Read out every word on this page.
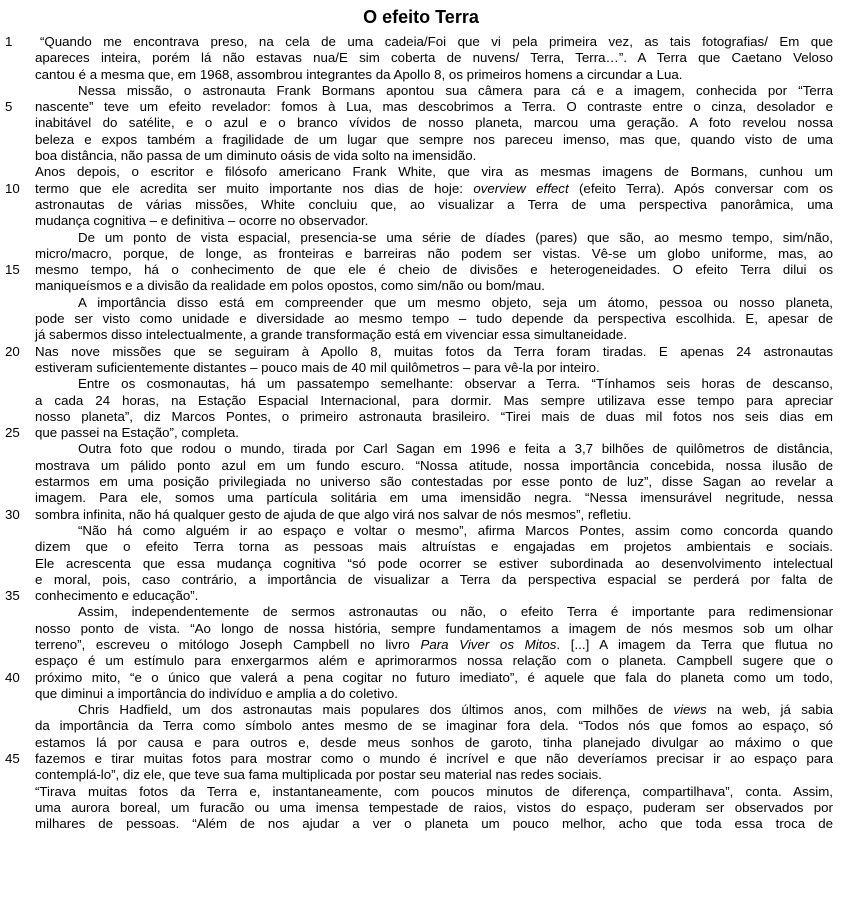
O efeito Terra
1	“Quando me encontrava preso, na cela de uma cadeia/Foi que vi pela primeira vez, as tais fotografias/ Em que
apareces inteira, porém lá não estavas nua/E sim coberta de nuvens/ Terra, Terra…”. A Terra que Caetano Veloso
cantou é a mesma que, em 1968, assombrou integrantes da Apollo 8, os primeiros homens a circundar a Lua.
Nessa missão, o astronauta Frank Bormans apontou sua câmera para cá e a imagem, conhecida por “Terra
5	nascente” teve um efeito revelador: fomos à Lua, mas descobrimos a Terra. O contraste entre o cinza, desolador e
inabitável do satélite, e o azul e o branco vívidos de nosso planeta, marcou uma geração. A foto revelou nossa
beleza e expos também a fragilidade de um lugar que sempre nos pareceu imenso, mas que, quando visto de uma
boa distância, não passa de um diminuto oásis de vida solto na imensidão.
Anos depois, o escritor e filósofo americano Frank White, que vira as mesmas imagens de Bormans, cunhou um
10	termo que ele acredita ser muito importante nos dias de hoje: overview effect (efeito Terra). Após conversar com os
astronautas de várias missões, White concluiu que, ao visualizar a Terra de uma perspectiva panorâmica, uma
mudança cognitiva – e definitiva – ocorre no observador.
De um ponto de vista espacial, presencia-se uma série de díades (pares) que são, ao mesmo tempo, sim/não,
micro/macro, porque, de longe, as fronteiras e barreiras não podem ser vistas. Vê-se um globo uniforme, mas, ao
15	mesmo tempo, há o conhecimento de que ele é cheio de divisões e heterogeneidades. O efeito Terra dilui os
maniqueísmos e a divisão da realidade em polos opostos, como sim/não ou bom/mau.
A importância disso está em compreender que um mesmo objeto, seja um átomo, pessoa ou nosso planeta,
pode ser visto como unidade e diversidade ao mesmo tempo – tudo depende da perspectiva escolhida. E, apesar de
já sabermos disso intelectualmente, a grande transformação está em vivenciar essa simultaneidade.
20	Nas nove missões que se seguiram à Apollo 8, muitas fotos da Terra foram tiradas. E apenas 24 astronautas
estiveram suficientemente distantes – pouco mais de 40 mil quilômetros – para vê-la por inteiro.
Entre os cosmonautas, há um passatempo semelhante: observar a Terra. “Tínhamos seis horas de descanso,
a cada 24 horas, na Estação Espacial Internacional, para dormir. Mas sempre utilizava esse tempo para apreciar
nosso planeta”, diz Marcos Pontes, o primeiro astronauta brasileiro. “Tirei mais de duas mil fotos nos seis dias em
25	que passei na Estação”, completa.
Outra foto que rodou o mundo, tirada por Carl Sagan em 1996 e feita a 3,7 bilhões de quilômetros de distância,
mostrava um pálido ponto azul em um fundo escuro. “Nossa atitude, nossa importância concebida, nossa ilusão de
estarmos em uma posição privilegiada no universo são contestadas por esse ponto de luz”, disse Sagan ao revelar a
imagem. Para ele, somos uma partícula solitária em uma imensidão negra. “Nessa imensurável negritude, nessa
30	sombra infinita, não há qualquer gesto de ajuda de que algo virá nos salvar de nós mesmos”, refletiu.
“Não há como alguém ir ao espaço e voltar o mesmo”, afirma Marcos Pontes, assim como concorda quando
dizem que o efeito Terra torna as pessoas mais altruístas e engajadas em projetos ambientais e sociais.
Ele acrescenta que essa mudança cognitiva “só pode ocorrer se estiver subordinada ao desenvolvimento intelectual
e moral, pois, caso contrário, a importância de visualizar a Terra da perspectiva espacial se perderá por falta de
35	conhecimento e educação”.
Assim, independentemente de sermos astronautas ou não, o efeito Terra é importante para redimensionar
nosso ponto de vista. “Ao longo de nossa história, sempre fundamentamos a imagem de nós mesmos sob um olhar
terreno”, escreveu o mitólogo Joseph Campbell no livro Para Viver os Mitos. [...] A imagem da Terra que flutua no
espaço é um estímulo para enxergarmos além e aprimorarmos nossa relação com o planeta. Campbell sugere que o
40	próximo mito, “e o único que valerá a pena cogitar no futuro imediato”, é aquele que fala do planeta como um todo,
que diminui a importância do indivíduo e amplia a do coletivo.
Chris Hadfield, um dos astronautas mais populares dos últimos anos, com milhões de views na web, já sabia
da importância da Terra como símbolo antes mesmo de se imaginar fora dela. “Todos nós que fomos ao espaço, só
estamos lá por causa e para outros e, desde meus sonhos de garoto, tinha planejado divulgar ao máximo o que
45	fazemos e tirar muitas fotos para mostrar como o mundo é incrível e que não deveríamos precisar ir ao espaço para
contemplá-lo”, diz ele, que teve sua fama multiplicada por postar seu material nas redes sociais.
“Tirava muitas fotos da Terra e, instantaneamente, com poucos minutos de diferença, compartilhava”, conta. Assim,
uma aurora boreal, um furacão ou uma imensa tempestade de raios, vistos do espaço, puderam ser observados por
milhares de pessoas. “Além de nos ajudar a ver o planeta um pouco melhor, acho que toda essa troca de
